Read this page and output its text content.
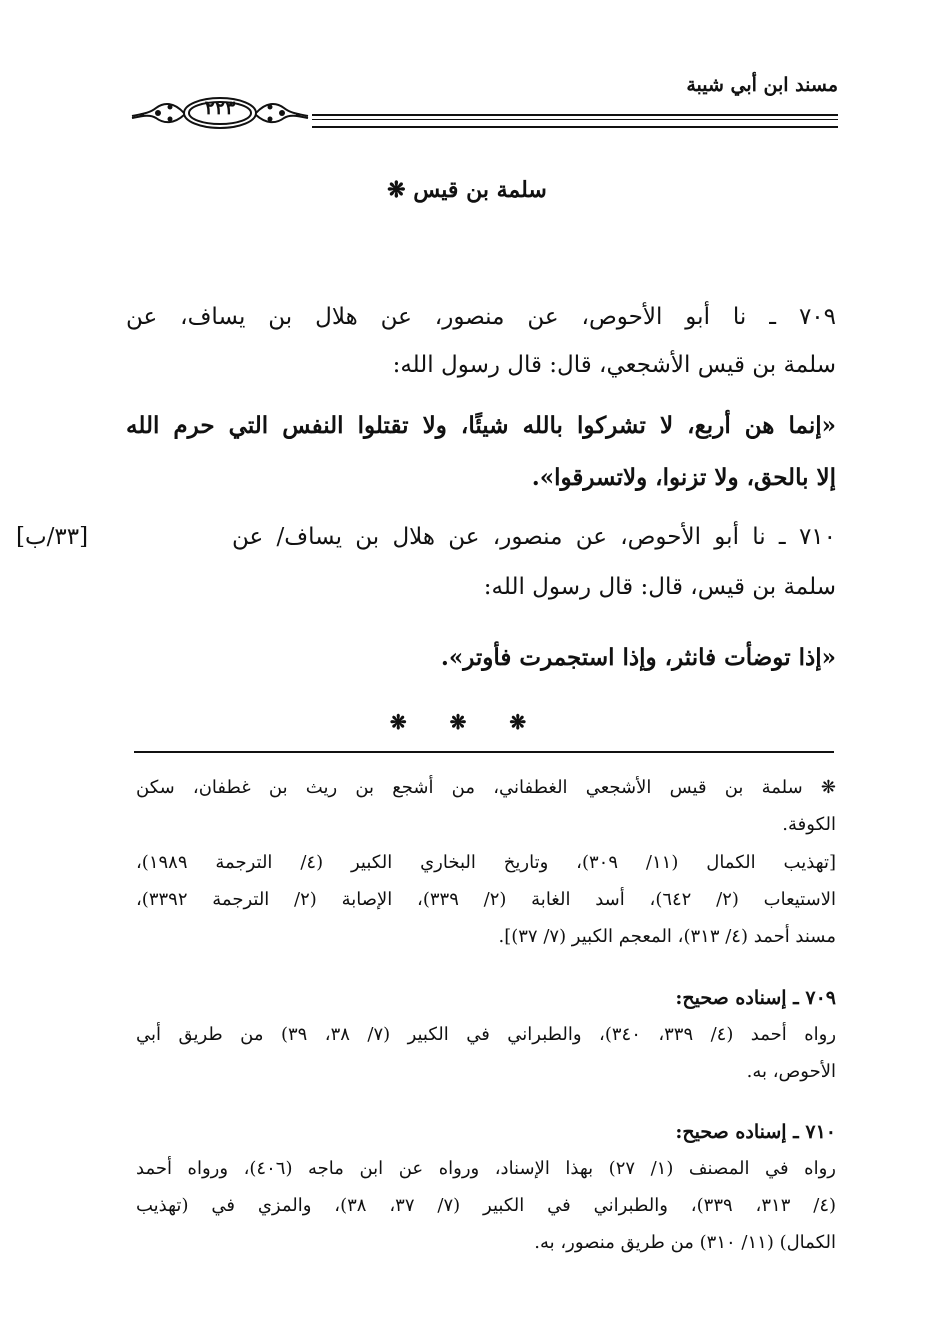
مسند ابن أبي شيبة
٢٢٣
سلمة بن قيس ❋
٧٠٩ ـ نا أبو الأحوص، عن منصور، عن هلال بن يساف، عن
سلمة بن قيس الأشجعي، قال: قال رسول الله:
«إنما هن أربع، لا تشركوا بالله شيئًا، ولا تقتلوا النفس التي حرم الله
إلا بالحق، ولا تزنوا، ولاتسرقوا».
[٣٣/ب]	٧١٠ ـ نا أبو الأحوص، عن منصور، عن هلال بن يساف/ عن
سلمة بن قيس، قال: قال رسول الله:
«إذا توضأت فانثر، وإذا استجمرت فأوتر».
❋ ❋ ❋
❋ سلمة بن قيس الأشجعي الغطفاني، من أشجع بن ريث بن غطفان، سكن
الكوفة.
[تهذيب الكمال (١١/ ٣٠٩)، وتاريخ البخاري الكبير (٤/ الترجمة ١٩٨٩)،
الاستيعاب (٢/ ٦٤٢)، أسد الغابة (٢/ ٣٣٩)، الإصابة (٢/ الترجمة ٣٣٩٢)،
مسند أحمد (٤/ ٣١٣)، المعجم الكبير (٧/ ٣٧)].
٧٠٩ ـ إسناده صحيح:
رواه أحمد (٤/ ٣٣٩، ٣٤٠)، والطبراني في الكبير (٧/ ٣٨، ٣٩) من طريق أبي
الأحوص، به.
٧١٠ ـ إسناده صحيح:
رواه في المصنف (١/ ٢٧) بهذا الإسناد، ورواه عن ابن ماجه (٤٠٦)، ورواه أحمد
(٤/ ٣١٣، ٣٣٩)، والطبراني في الكبير (٧/ ٣٧، ٣٨)، والمزي في (تهذيب
الكمال) (١١/ ٣١٠) من طريق منصور، به.
